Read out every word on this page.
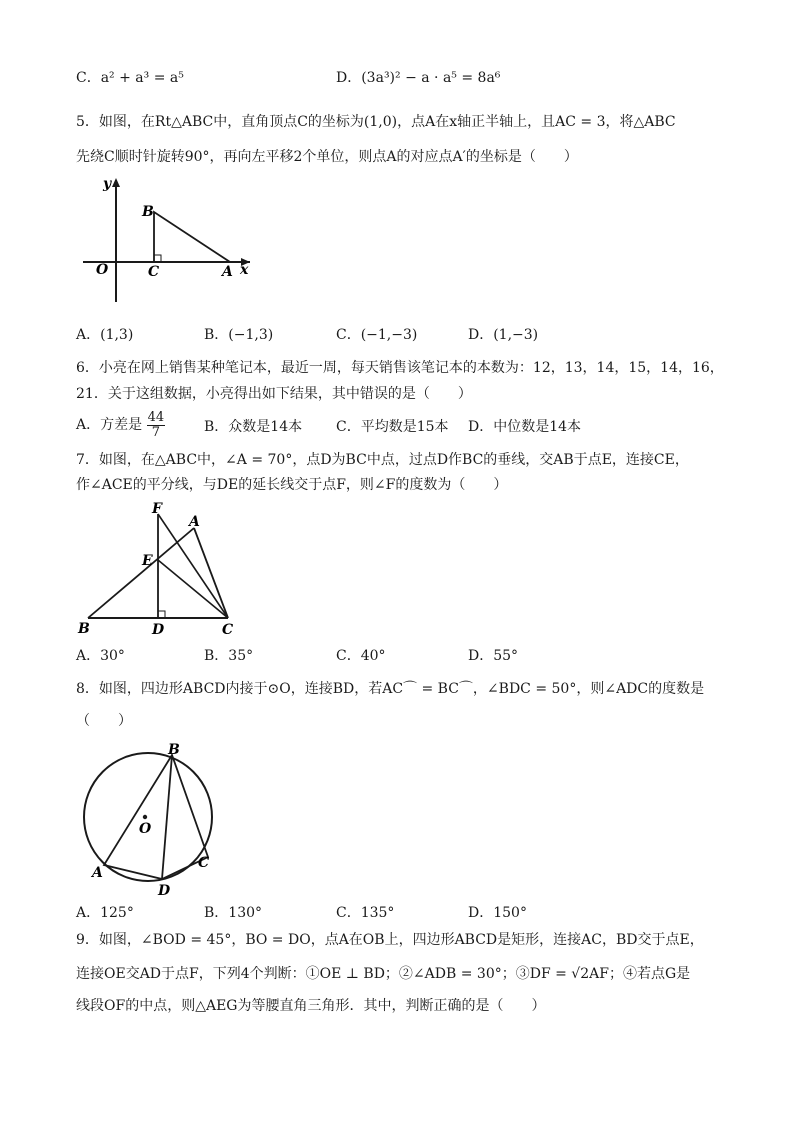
C．a² + a³ = a⁵	D．(3a³)² − a · a⁵ = 8a⁶
5．如图，在Rt△ABC中，直角顶点C的坐标为(1,0)，点A在x轴正半轴上，且AC = 3，将△ABC
先绕C顺时针旋转90°，再向左平移2个单位，则点A的对应点A′的坐标是（　　）
y
x
O
B
C	A
A．(1,3)	B．(−1,3)	C．(−1,−3)	D．(1,−3)
6．小亮在网上销售某种笔记本，最近一周，每天销售该笔记本的本数为：12，13，14，15，14，16，
21．关于这组数据，小亮得出如下结果，其中错误的是（　　）
A．方差是 $\frac{44}{7}$	B．众数是14本 C．平均数是15本 D．中位数是14本
7．如图，在△ABC中，∠A = 70°，点D为BC中点，过点D作BC的垂线，交AB于点E，连接CE，
作∠ACE的平分线，与DE的延长线交于点F，则∠F的度数为（　　）
F
A
E
B	D	C
A．30°	B．35°	C．40°	D．55°
8．如图，四边形ABCD内接于⊙O，连接BD，若AC⌒ = BC⌒，∠BDC = 50°，则∠ADC的度数是
（　　）
B
O
A
D
C
A．125°	B．130°	C．135°	D．150°
9．如图，∠BOD = 45°，BO = DO，点A在OB上，四边形ABCD是矩形，连接AC，BD交于点E，
连接OE交AD于点F，下列4个判断：①OE ⊥ BD；②∠ADB = 30°；③DF = √2AF；④若点G是
线段OF的中点，则△AEG为等腰直角三角形．其中，判断正确的是（　　）
